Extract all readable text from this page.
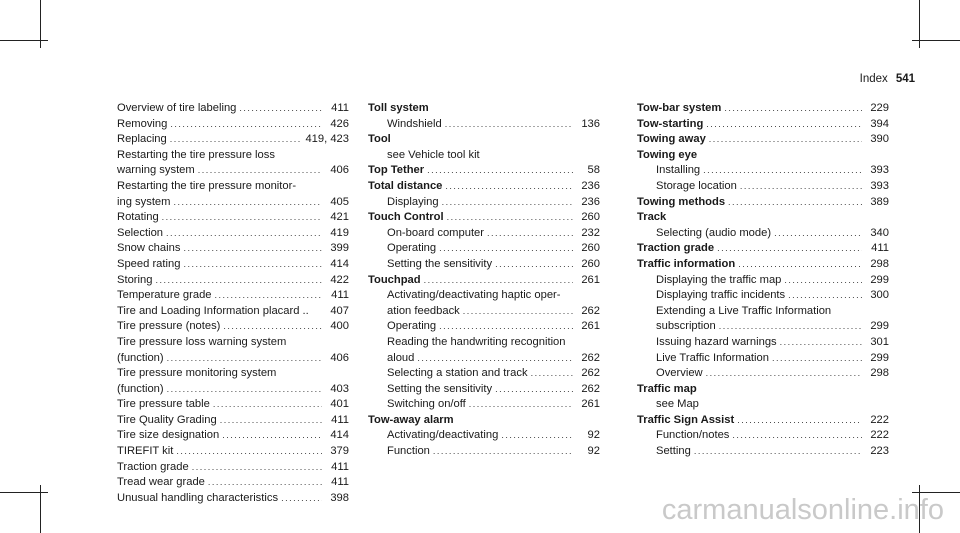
Index 541
Overview of tire labeling .....	411
Removing .....	426
Replacing .....	419, 423
Restarting the tire pressure loss
warning system .....	406
Restarting the tire pressure monitor-
ing system .....	405
Rotating .....	421
Selection .....	419
Snow chains .....	399
Speed rating .....	414
Storing .....	422
Temperature grade .....	411
Tire and Loading Information placard ..	407
Tire pressure (notes) .....	400
Tire pressure loss warning system
(function) .....	406
Tire pressure monitoring system
(function) .....	403
Tire pressure table .....	401
Tire Quality Grading .....	411
Tire size designation .....	414
TIREFIT kit .....	379
Traction grade .....	411
Tread wear grade .....	411
Unusual handling characteristics .....	398
Toll system
Windshield .....	136
Tool
see Vehicle tool kit
Top Tether .....	58
Total distance .....	236
Displaying .....	236
Touch Control .....	260
On-board computer .....	232
Operating .....	260
Setting the sensitivity .....	260
Touchpad .....	261
Activating/deactivating haptic oper-
ation feedback .....	262
Operating .....	261
Reading the handwriting recognition
aloud .....	262
Selecting a station and track .....	262
Setting the sensitivity .....	262
Switching on/off .....	261
Tow-away alarm
Activating/deactivating .....	92
Function .....	92
Tow-bar system .....	229
Tow-starting .....	394
Towing away .....	390
Towing eye
Installing .....	393
Storage location .....	393
Towing methods .....	389
Track
Selecting (audio mode) .....	340
Traction grade .....	411
Traffic information .....	298
Displaying the traffic map .....	299
Displaying traffic incidents .....	300
Extending a Live Traffic Information
subscription .....	299
Issuing hazard warnings .....	301
Live Traffic Information .....	299
Overview .....	298
Traffic map
see Map
Traffic Sign Assist .....	222
Function/notes .....	222
Setting .....	223
carmanualsonline.info
